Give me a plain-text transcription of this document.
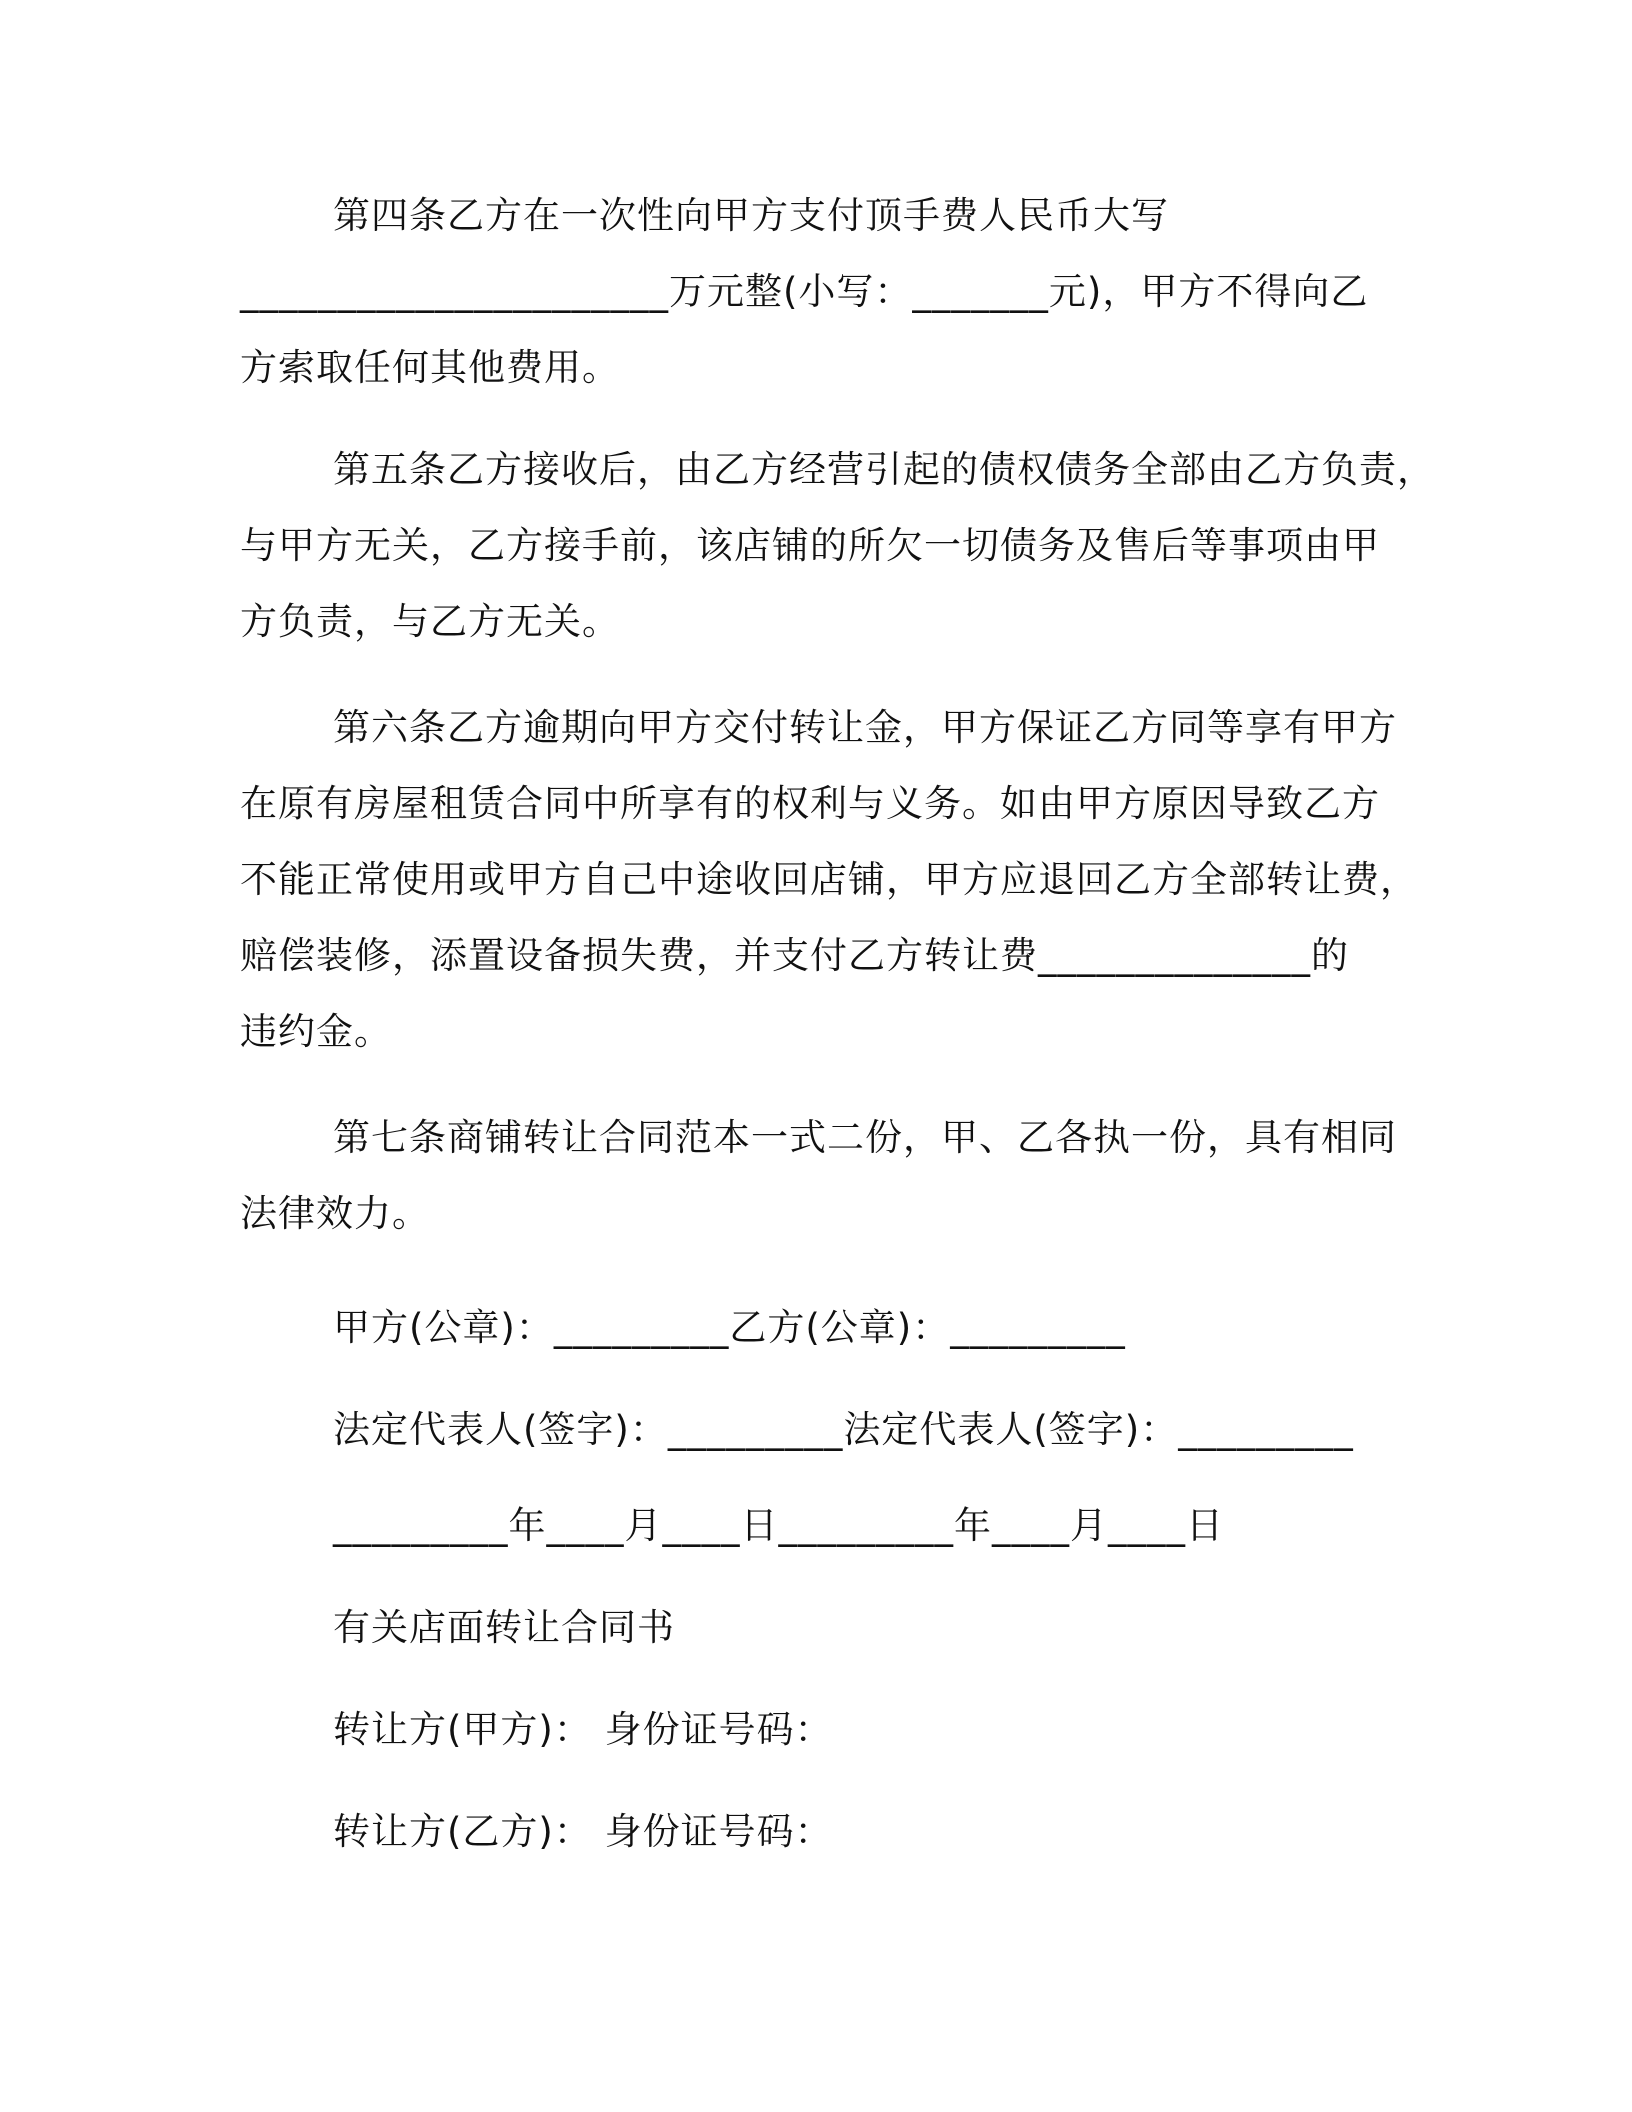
第四条乙方在一次性向甲方支付顶手费人民币大写
______________________万元整(小写：_______元)，甲方不得向乙
方索取任何其他费用。
第五条乙方接收后，由乙方经营引起的债权债务全部由乙方负责，
与甲方无关，乙方接手前，该店铺的所欠一切债务及售后等事项由甲
方负责，与乙方无关。
第六条乙方逾期向甲方交付转让金，甲方保证乙方同等享有甲方
在原有房屋租赁合同中所享有的权利与义务。如由甲方原因导致乙方
不能正常使用或甲方自己中途收回店铺，甲方应退回乙方全部转让费，
赔偿装修，添置设备损失费，并支付乙方转让费______________的
违约金。
第七条商铺转让合同范本一式二份，甲、乙各执一份，具有相同
法律效力。
甲方(公章)：_________乙方(公章)：_________
法定代表人(签字)：_________法定代表人(签字)：_________
_________年____月____日_________年____月____日
有关店面转让合同书
转让方(甲方)： 身份证号码：
转让方(乙方)： 身份证号码：
